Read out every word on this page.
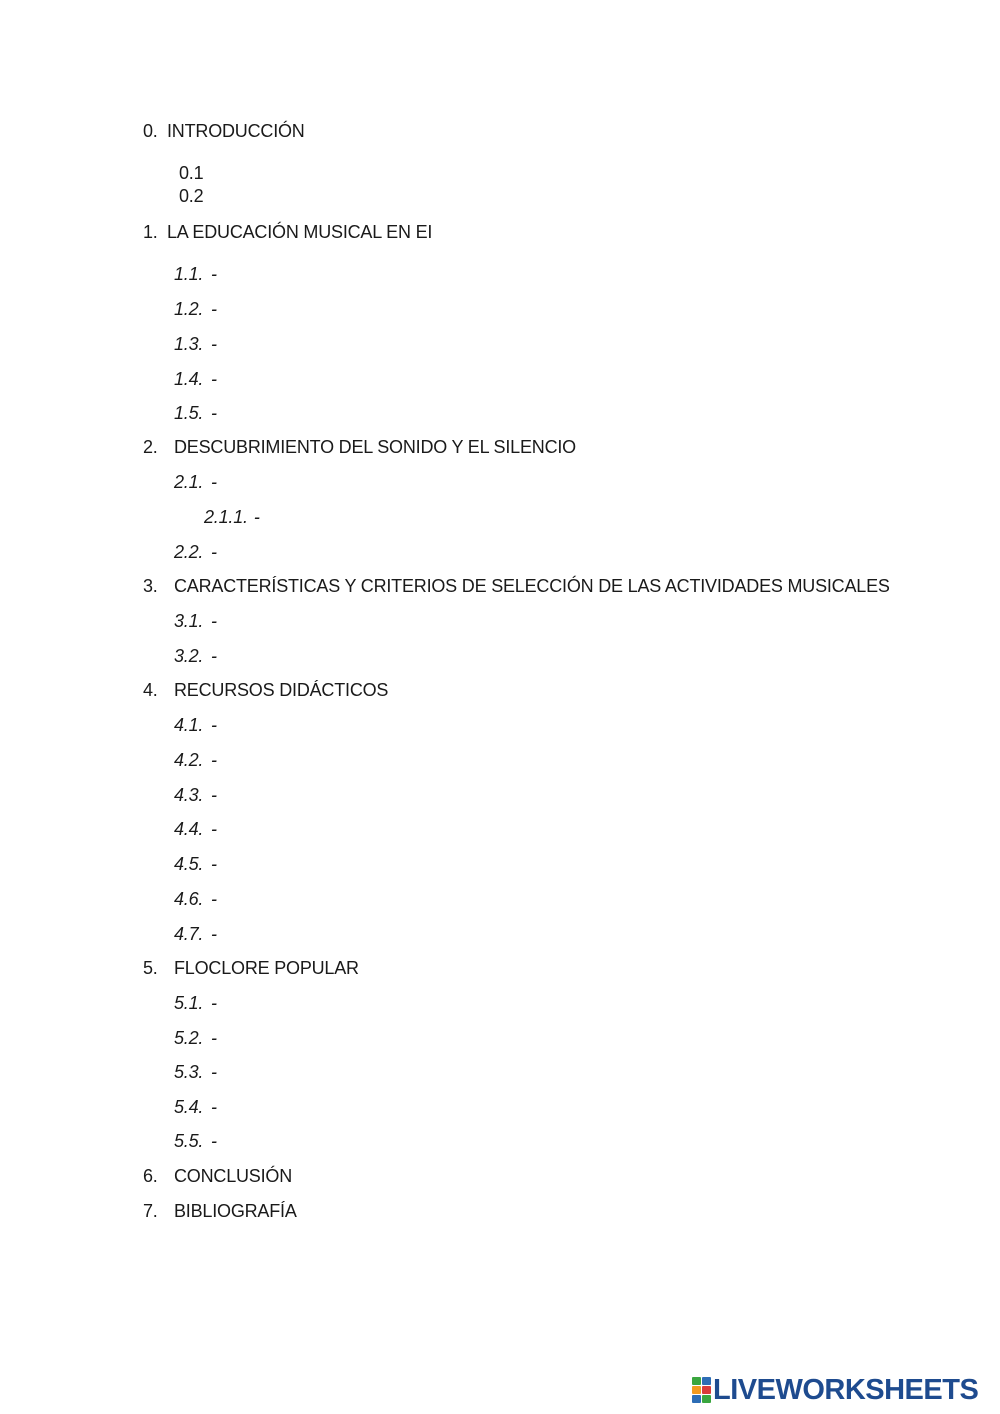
0. INTRODUCCIÓN
0.1
0.2
1. LA EDUCACIÓN MUSICAL EN EI
1.1. -
1.2. -
1.3. -
1.4. -
1.5. -
2. DESCUBRIMIENTO DEL SONIDO Y EL SILENCIO
2.1. -
2.1.1. -
2.2. -
3. CARACTERÍSTICAS Y CRITERIOS DE SELECCIÓN DE LAS ACTIVIDADES MUSICALES
3.1. -
3.2. -
4. RECURSOS DIDÁCTICOS
4.1. -
4.2. -
4.3. -
4.4. -
4.5. -
4.6. -
4.7. -
5. FLOCLORE POPULAR
5.1. -
5.2. -
5.3. -
5.4. -
5.5. -
6. CONCLUSIÓN
7. BIBLIOGRAFÍA
LIVEWORKSHEETS
